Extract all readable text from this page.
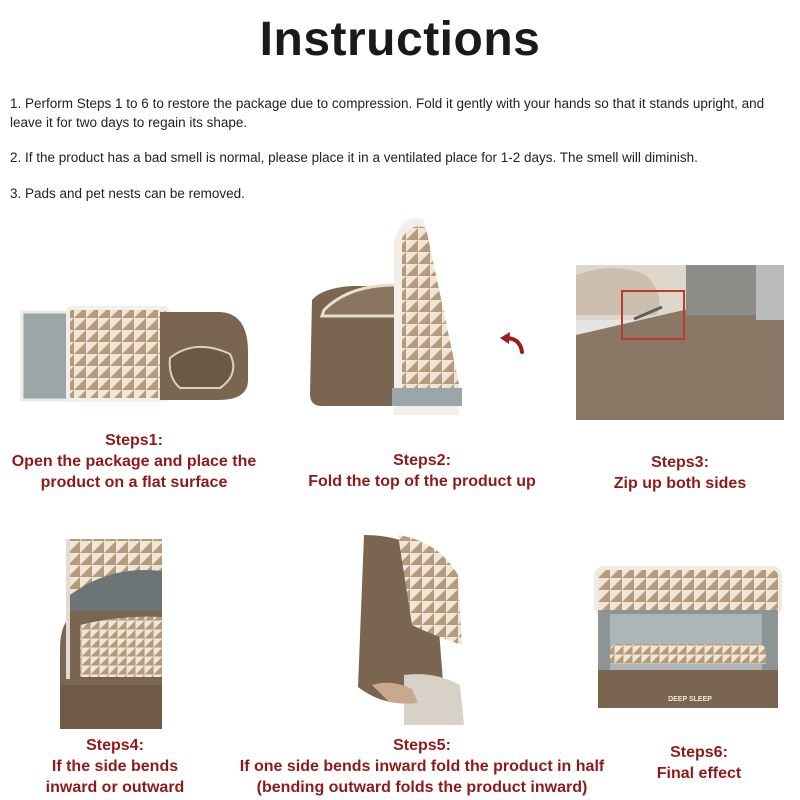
Instructions

1. Perform Steps 1 to 6 to restore the package due to compression. Fold it gently with your hands so that it stands upright, and leave it for two days to regain its shape.

2. If the product has a bad smell is normal, please place it in a ventilated place for 1-2 days. The smell will diminish.

3. Pads and pet nests can be removed.

DEEP SLEEP
Steps1:
Open the package and place the
product on a flat surface
Steps2:
Fold the top of the product up
Steps3:
Zip up both sides
Steps4:
If the side bends
inward or outward
Steps5:
If one side bends inward fold the product in half
(bending outward folds the product inward)
Steps6:
Final effect
